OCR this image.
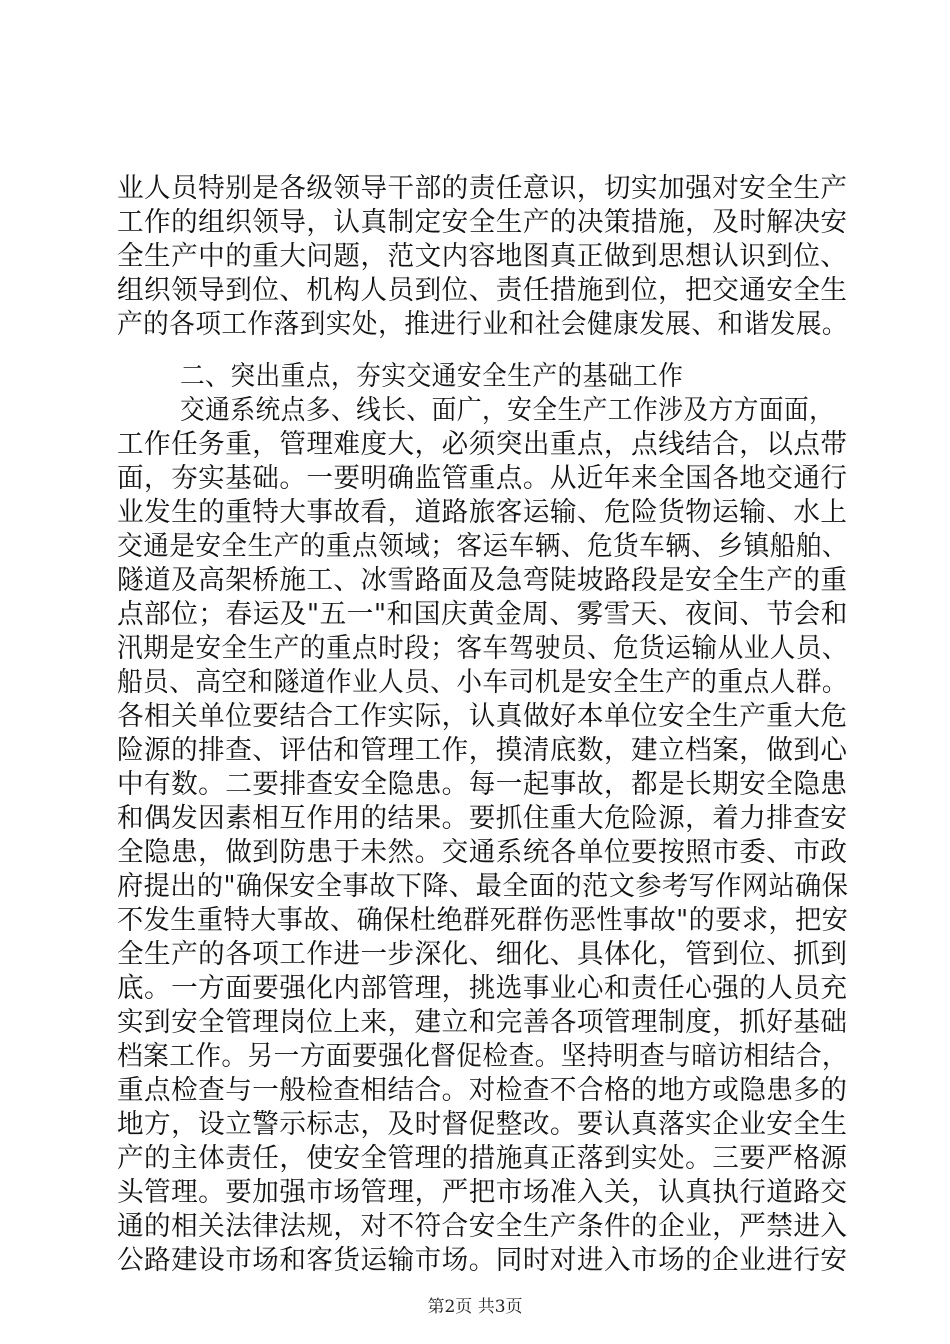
业人员特别是各级领导干部的责任意识，切实加强对安全生产
工作的组织领导，认真制定安全生产的决策措施，及时解决安
全生产中的重大问题，范文内容地图真正做到思想认识到位、
组织领导到位、机构人员到位、责任措施到位，把交通安全生
产的各项工作落到实处，推进行业和社会健康发展、和谐发展。
二、突出重点，夯实交通安全生产的基础工作
交通系统点多、线长、面广，安全生产工作涉及方方面面，
工作任务重，管理难度大，必须突出重点，点线结合，以点带
面，夯实基础。一要明确监管重点。从近年来全国各地交通行
业发生的重特大事故看，道路旅客运输、危险货物运输、水上
交通是安全生产的重点领域；客运车辆、危货车辆、乡镇船舶、
隧道及高架桥施工、冰雪路面及急弯陡坡路段是安全生产的重
点部位；春运及"五一"和国庆黄金周、雾雪天、夜间、节会和
汛期是安全生产的重点时段；客车驾驶员、危货运输从业人员、
船员、高空和隧道作业人员、小车司机是安全生产的重点人群。
各相关单位要结合工作实际，认真做好本单位安全生产重大危
险源的排查、评估和管理工作，摸清底数，建立档案，做到心
中有数。二要排查安全隐患。每一起事故，都是长期安全隐患
和偶发因素相互作用的结果。要抓住重大危险源，着力排查安
全隐患，做到防患于未然。交通系统各单位要按照市委、市政
府提出的"确保安全事故下降、最全面的范文参考写作网站确保
不发生重特大事故、确保杜绝群死群伤恶性事故"的要求，把安
全生产的各项工作进一步深化、细化、具体化，管到位、抓到
底。一方面要强化内部管理，挑选事业心和责任心强的人员充
实到安全管理岗位上来，建立和完善各项管理制度，抓好基础
档案工作。另一方面要强化督促检查。坚持明查与暗访相结合，
重点检查与一般检查相结合。对检查不合格的地方或隐患多的
地方，设立警示标志，及时督促整改。要认真落实企业安全生
产的主体责任，使安全管理的措施真正落到实处。三要严格源
头管理。要加强市场管理，严把市场准入关，认真执行道路交
通的相关法律法规，对不符合安全生产条件的企业，严禁进入
公路建设市场和客货运输市场。同时对进入市场的企业进行安
第2页 共3页
